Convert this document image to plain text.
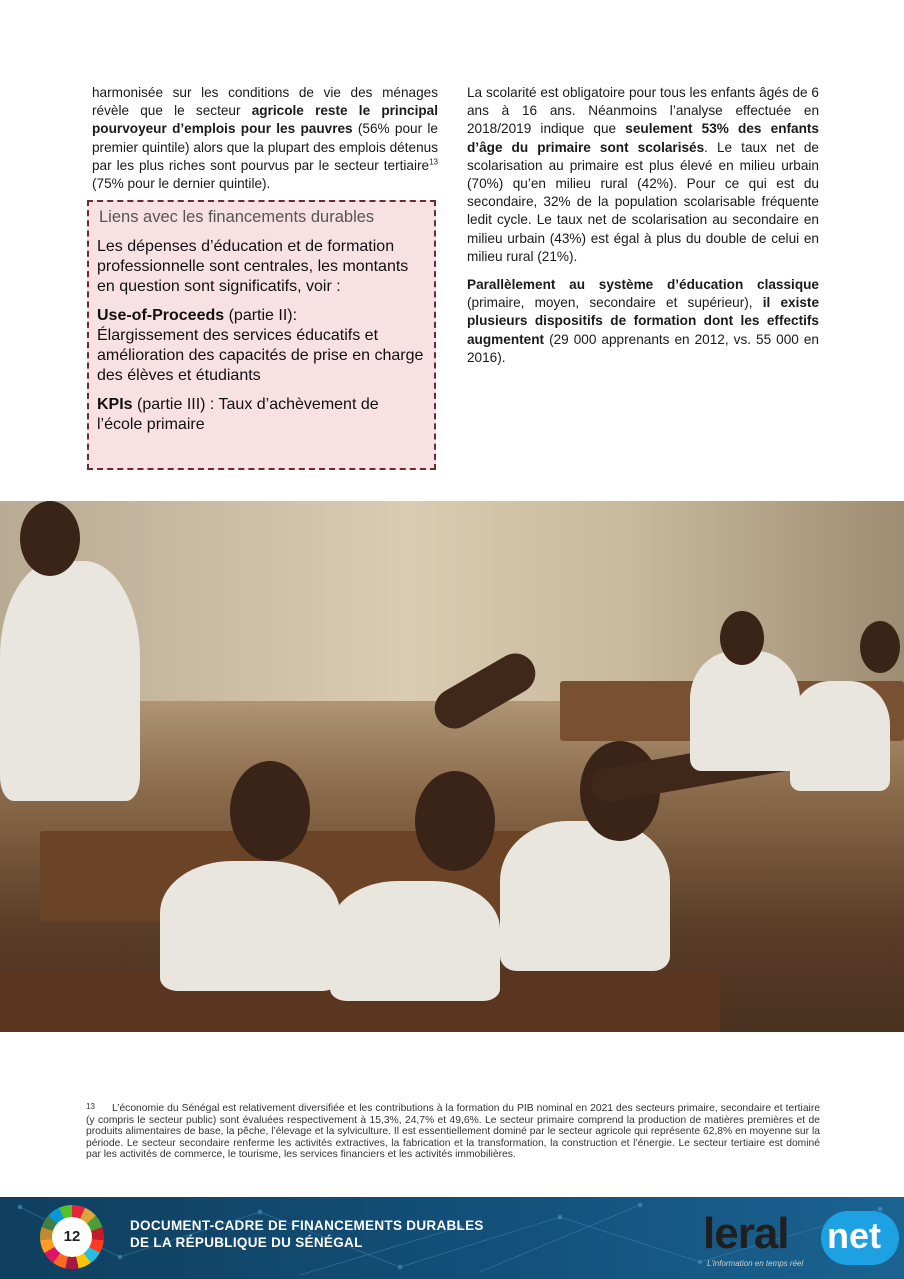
harmonisée sur les conditions de vie des ménages révèle que le secteur agricole reste le principal pourvoyeur d’emplois pour les pauvres (56% pour le premier quintile) alors que la plupart des emplois détenus par les plus riches sont pourvus par le secteur tertiaire$^{13}$ (75% pour le dernier quintile).

Liens avec les financements durables

Les dépenses d’éducation et de formation professionnelle sont centrales, les montants en question sont significatifs, voir :

Use-of-Proceeds (partie II):
Élargissement des services éducatifs et amélioration des capacités de prise en charge des élèves et étudiants

KPIs (partie III) : Taux d’achèvement de l’école primaire

La scolarité est obligatoire pour tous les enfants âgés de 6 ans à 16 ans. Néanmoins l’analyse effectuée en 2018/2019 indique que seulement 53% des enfants d’âge du primaire sont scolarisés. Le taux net de scolarisation au primaire est plus élevé en milieu urbain (70%) qu’en milieu rural (42%). Pour ce qui est du secondaire, 32% de la population scolarisable fréquente ledit cycle. Le taux net de scolarisation au secondaire en milieu urbain (43%) est égal à plus du double de celui en milieu rural (21%).

Parallèlement au système d’éducation classique (primaire, moyen, secondaire et supérieur), il existe plusieurs dispositifs de formation dont les effectifs augmentent (29 000 apprenants en 2012, vs. 55 000 en 2016).

13	L’économie du Sénégal est relativement diversifiée et les contributions à la formation du PIB nominal en 2021 des secteurs primaire, secondaire et tertiaire (y compris le secteur public) sont évaluées respectivement à 15,3%, 24,7% et 49,6%. Le secteur primaire comprend la production de matières premières et de produits alimentaires de base, la pêche, l’élevage et la sylviculture. Il est essentiellement dominé par le secteur agricole qui représente 62,8% en moyenne sur la période. Le secteur secondaire renferme les activités extractives, la fabrication et la transformation, la construction et l’énergie. Le secteur tertiaire est dominé par les activités de commerce, le tourisme, les services financiers et les activités immobilières.
12
DOCUMENT-CADRE DE FINANCEMENTS DURABLES
DE LA RÉPUBLIQUE DU SÉNÉGAL	leral net
L'information en temps réel
